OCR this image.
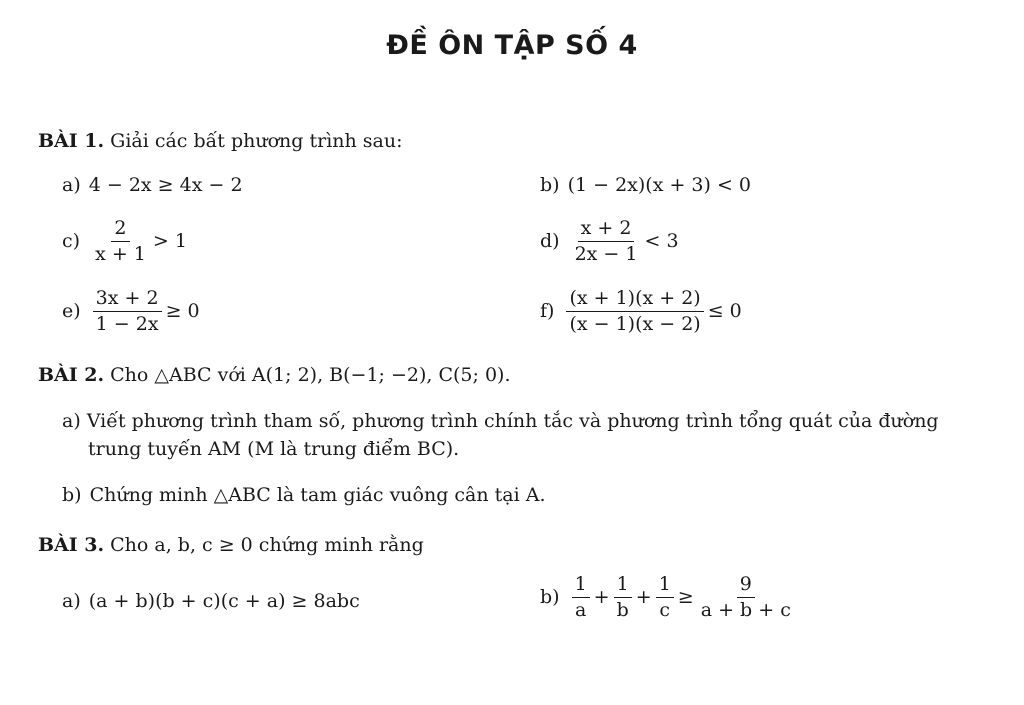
ĐỀ ÔN TẬP SỐ 4
BÀI 1. Giải các bất phương trình sau:
a) 4 − 2x ≥ 4x − 2	b) (1 − 2x)(x + 3) < 0
$c) \frac{2}{x + 1} > 1$	$d) \frac{x + 2}{2x - 1} < 3$
$e) \frac{3x + 2}{1 - 2x} \ge 0$	$f) \frac{(x + 1)(x + 2)}{(x - 1)(x - 2)} \le 0$
BÀI 2. Cho △ABC với A(1; 2), B(−1; −2), C(5; 0).
a) Viết phương trình tham số, phương trình chính tắc và phương trình tổng quát của đường
trung tuyến AM (M là trung điểm BC).
b) Chứng minh △ABC là tam giác vuông cân tại A.
BÀI 3. Cho a, b, c ≥ 0 chứng minh rằng
a) (a + b)(b + c)(c + a) ≥ 8abc	$b) \frac{1}{a} + \frac{1}{b} + \frac{1}{c} \ge \frac{9}{a + b + c}$
